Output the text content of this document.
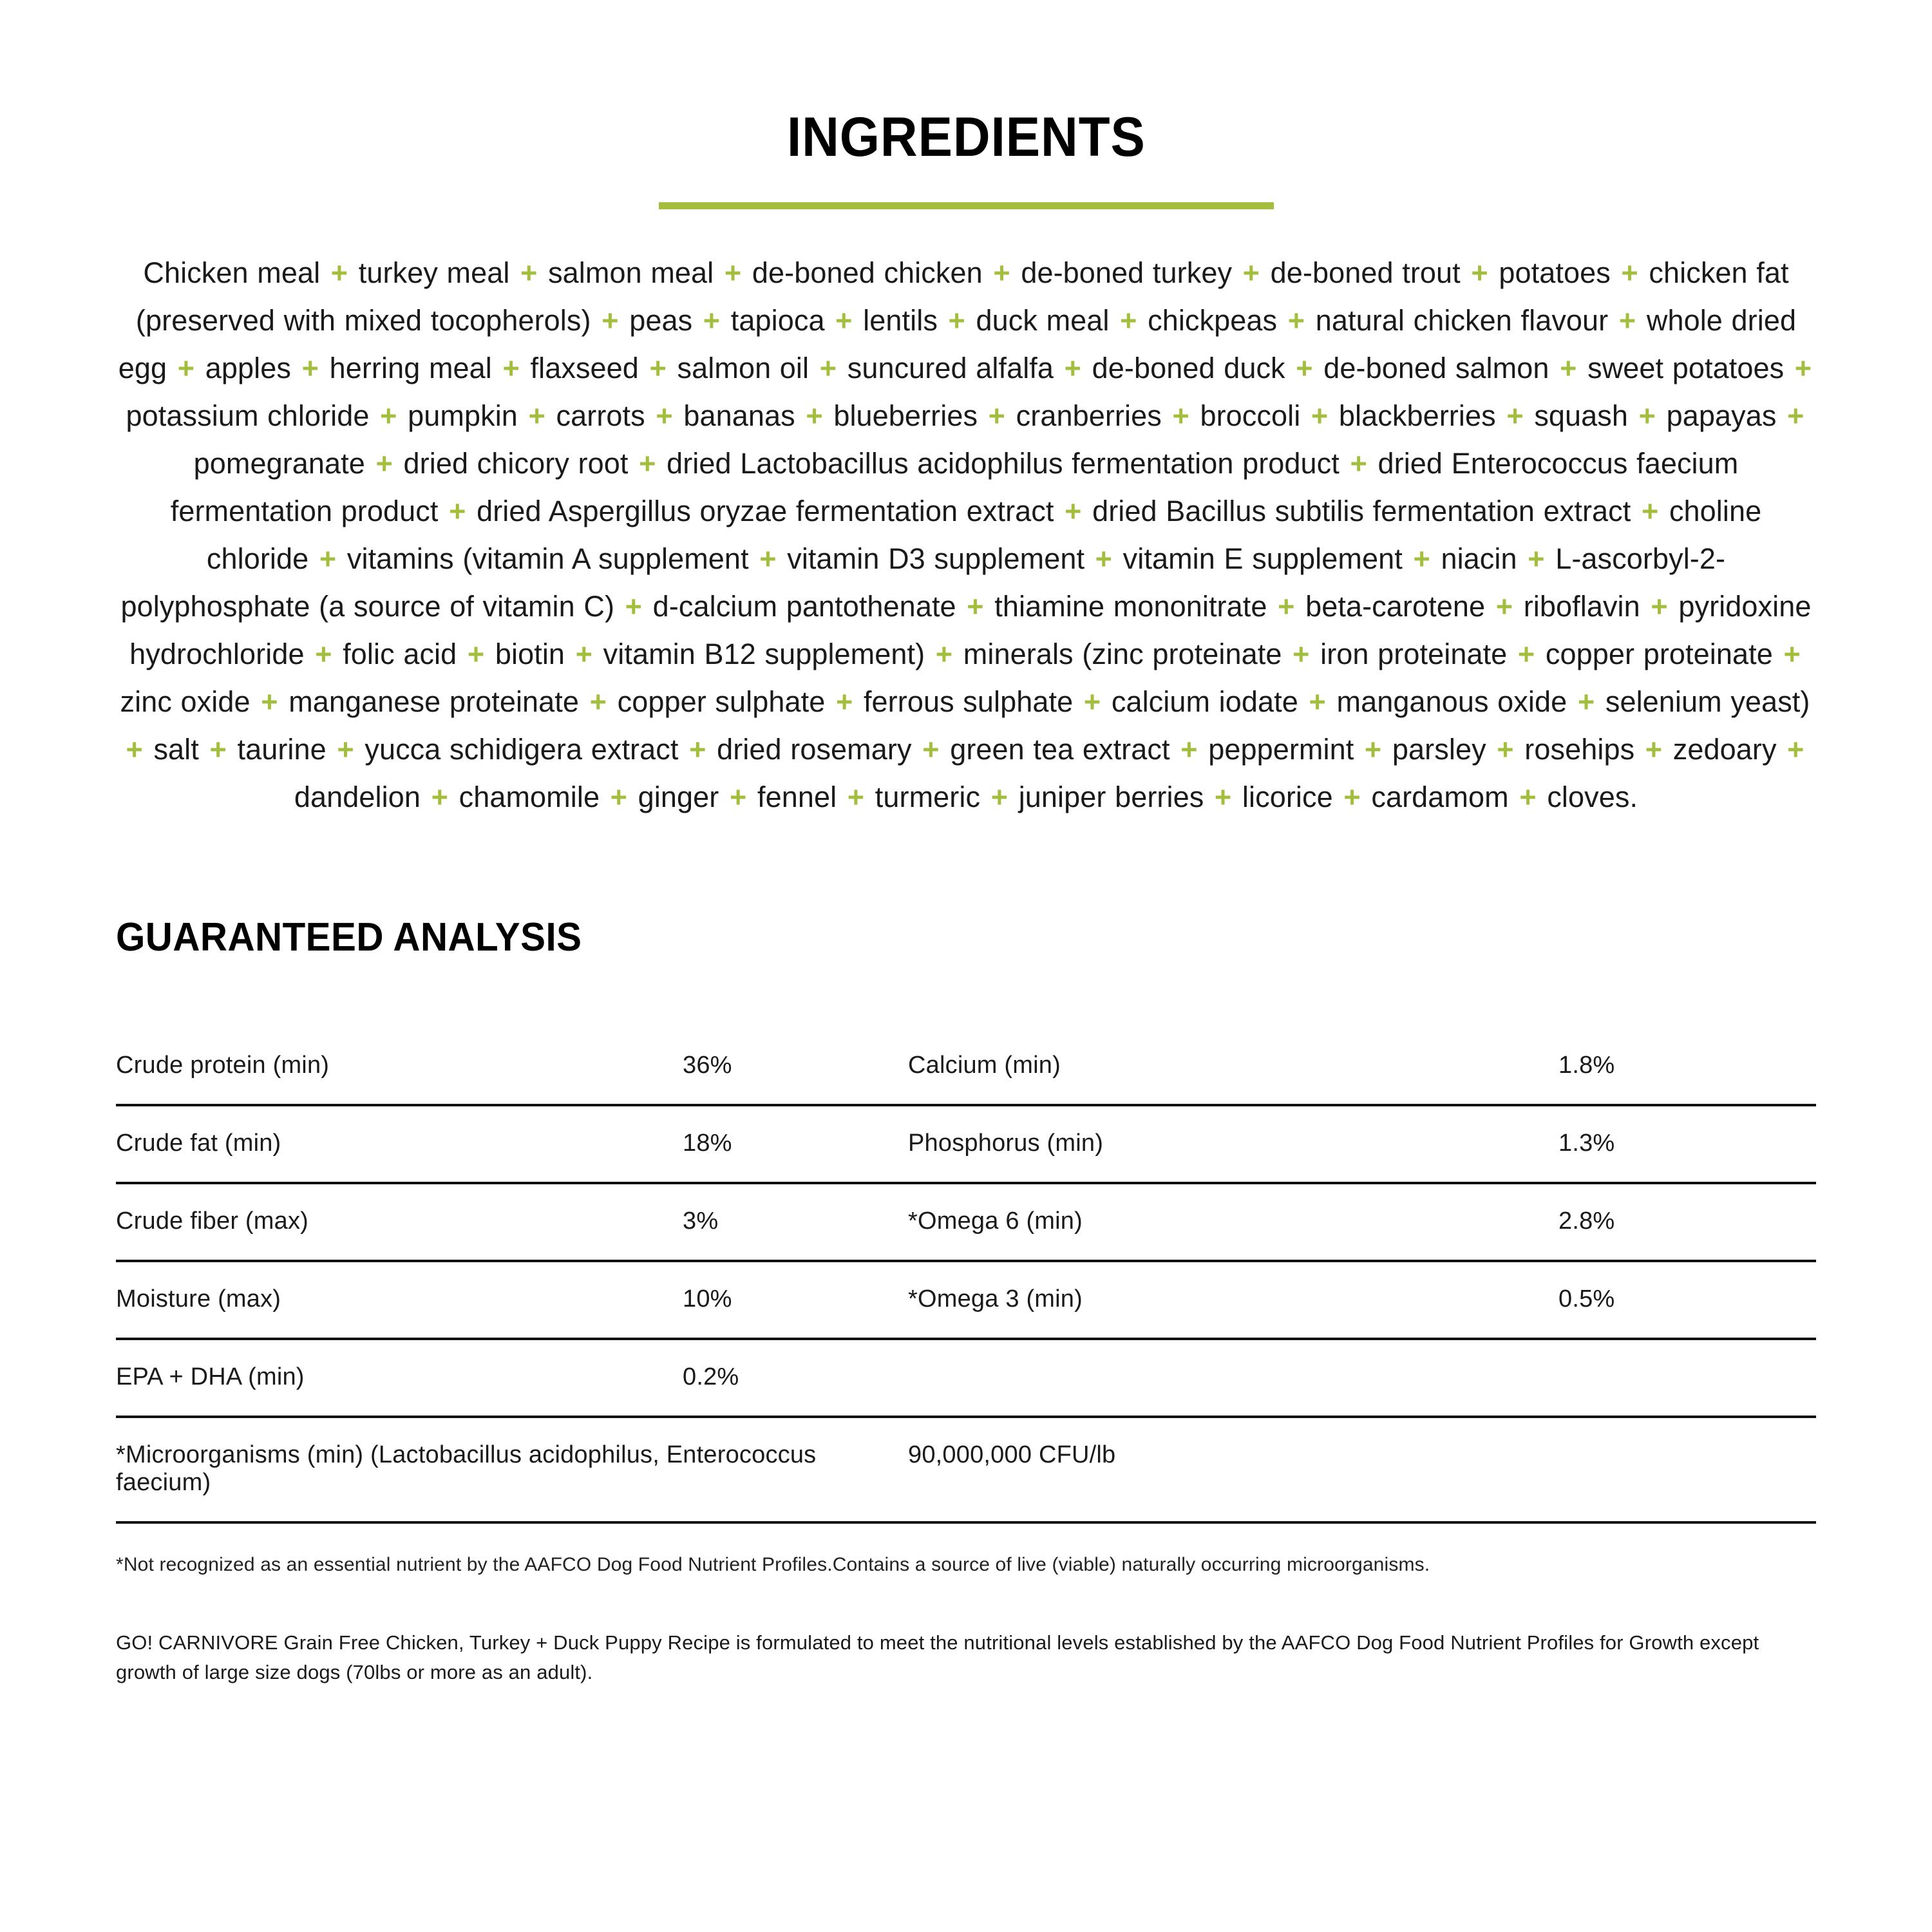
INGREDIENTS
Chicken meal + turkey meal + salmon meal + de-boned chicken + de-boned turkey + de-boned trout + potatoes + chicken fat (preserved with mixed tocopherols) + peas + tapioca + lentils + duck meal + chickpeas + natural chicken flavour + whole dried egg + apples + herring meal + flaxseed + salmon oil + suncured alfalfa + de-boned duck + de-boned salmon + sweet potatoes + potassium chloride + pumpkin + carrots + bananas + blueberries + cranberries + broccoli + blackberries + squash + papayas + pomegranate + dried chicory root + dried Lactobacillus acidophilus fermentation product + dried Enterococcus faecium fermentation product + dried Aspergillus oryzae fermentation extract + dried Bacillus subtilis fermentation extract + choline chloride + vitamins (vitamin A supplement + vitamin D3 supplement + vitamin E supplement + niacin + L-ascorbyl-2-polyphosphate (a source of vitamin C) + d-calcium pantothenate + thiamine mononitrate + beta-carotene + riboflavin + pyridoxine hydrochloride + folic acid + biotin + vitamin B12 supplement) + minerals (zinc proteinate + iron proteinate + copper proteinate + zinc oxide + manganese proteinate + copper sulphate + ferrous sulphate + calcium iodate + manganous oxide + selenium yeast) + salt + taurine + yucca schidigera extract + dried rosemary + green tea extract + peppermint + parsley + rosehips + zedoary + dandelion + chamomile + ginger + fennel + turmeric + juniper berries + licorice + cardamom + cloves.
GUARANTEED ANALYSIS
Crude protein (min)	36%	Calcium (min)	1.8%
Crude fat (min)	18%	Phosphorus (min)	1.3%
Crude fiber (max)	3%	*Omega 6 (min)	2.8%
Moisture (max)	10%	*Omega 3 (min)	0.5%
EPA + DHA (min)	0.2%		
*Microorganisms (min) (Lactobacillus acidophilus, Enterococcus faecium)		90,000,000 CFU/lb	
*Not recognized as an essential nutrient by the AAFCO Dog Food Nutrient Profiles.Contains a source of live (viable) naturally occurring microorganisms.
GO! CARNIVORE Grain Free Chicken, Turkey + Duck Puppy Recipe is formulated to meet the nutritional levels established by the AAFCO Dog Food Nutrient Profiles for Growth except growth of large size dogs (70lbs or more as an adult).
